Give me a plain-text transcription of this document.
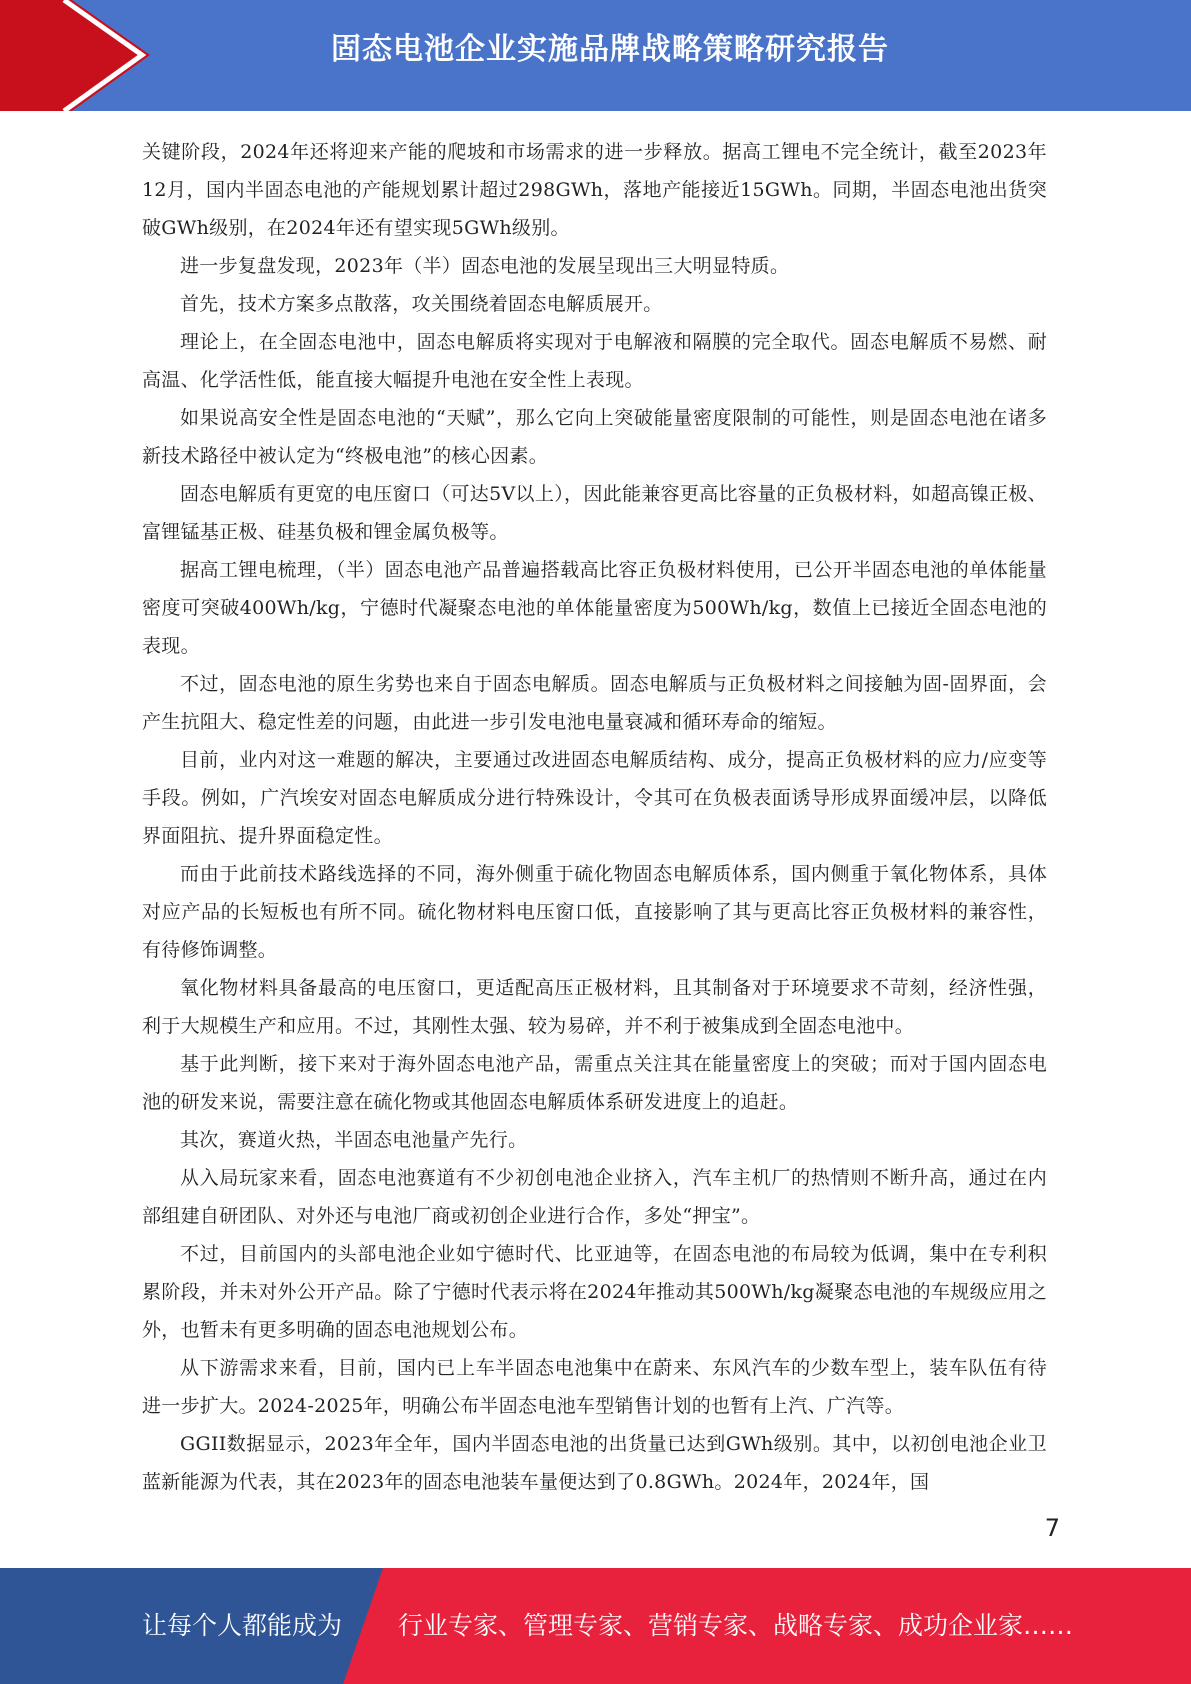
固态电池企业实施品牌战略策略研究报告

关键阶段，2024年还将迎来产能的爬坡和市场需求的进一步释放。据高工锂电不完全统计，截至2023年12月，国内半固态电池的产能规划累计超过298GWh，落地产能接近15GWh。同期，半固态电池出货突破GWh级别，在2024年还有望实现5GWh级别。

进一步复盘发现，2023年（半）固态电池的发展呈现出三大明显特质。

首先，技术方案多点散落，攻关围绕着固态电解质展开。

理论上，在全固态电池中，固态电解质将实现对于电解液和隔膜的完全取代。固态电解质不易燃、耐高温、化学活性低，能直接大幅提升电池在安全性上表现。

如果说高安全性是固态电池的“天赋”，那么它向上突破能量密度限制的可能性，则是固态电池在诸多新技术路径中被认定为“终极电池”的核心因素。

固态电解质有更宽的电压窗口（可达5V以上），因此能兼容更高比容量的正负极材料，如超高镍正极、富锂锰基正极、硅基负极和锂金属负极等。

据高工锂电梳理，（半）固态电池产品普遍搭载高比容正负极材料使用，已公开半固态电池的单体能量密度可突破400Wh/kg，宁德时代凝聚态电池的单体能量密度为500Wh/kg，数值上已接近全固态电池的表现。

不过，固态电池的原生劣势也来自于固态电解质。固态电解质与正负极材料之间接触为固-固界面，会产生抗阻大、稳定性差的问题，由此进一步引发电池电量衰减和循环寿命的缩短。

目前，业内对这一难题的解决，主要通过改进固态电解质结构、成分，提高正负极材料的应力/应变等手段。例如，广汽埃安对固态电解质成分进行特殊设计，令其可在负极表面诱导形成界面缓冲层，以降低界面阻抗、提升界面稳定性。

而由于此前技术路线选择的不同，海外侧重于硫化物固态电解质体系，国内侧重于氧化物体系，具体对应产品的长短板也有所不同。硫化物材料电压窗口低，直接影响了其与更高比容正负极材料的兼容性，有待修饰调整。

氧化物材料具备最高的电压窗口，更适配高压正极材料，且其制备对于环境要求不苛刻，经济性强，利于大规模生产和应用。不过，其刚性太强、较为易碎，并不利于被集成到全固态电池中。

基于此判断，接下来对于海外固态电池产品，需重点关注其在能量密度上的突破；而对于国内固态电池的研发来说，需要注意在硫化物或其他固态电解质体系研发进度上的追赶。

其次，赛道火热，半固态电池量产先行。

从入局玩家来看，固态电池赛道有不少初创电池企业挤入，汽车主机厂的热情则不断升高，通过在内部组建自研团队、对外还与电池厂商或初创企业进行合作，多处“押宝”。

不过，目前国内的头部电池企业如宁德时代、比亚迪等，在固态电池的布局较为低调，集中在专利积累阶段，并未对外公开产品。除了宁德时代表示将在2024年推动其500Wh/kg凝聚态电池的车规级应用之外，也暂未有更多明确的固态电池规划公布。

从下游需求来看，目前，国内已上车半固态电池集中在蔚来、东风汽车的少数车型上，装车队伍有待进一步扩大。2024-2025年，明确公布半固态电池车型销售计划的也暂有上汽、广汽等。

GGII数据显示，2023年全年，国内半固态电池的出货量已达到GWh级别。其中，以初创电池企业卫蓝新能源为代表，其在2023年的固态电池装车量便达到了0.8GWh。2024年，2024年，国

7
让每个人都能成为 行业专家、管理专家、营销专家、战略专家、成功企业家……
